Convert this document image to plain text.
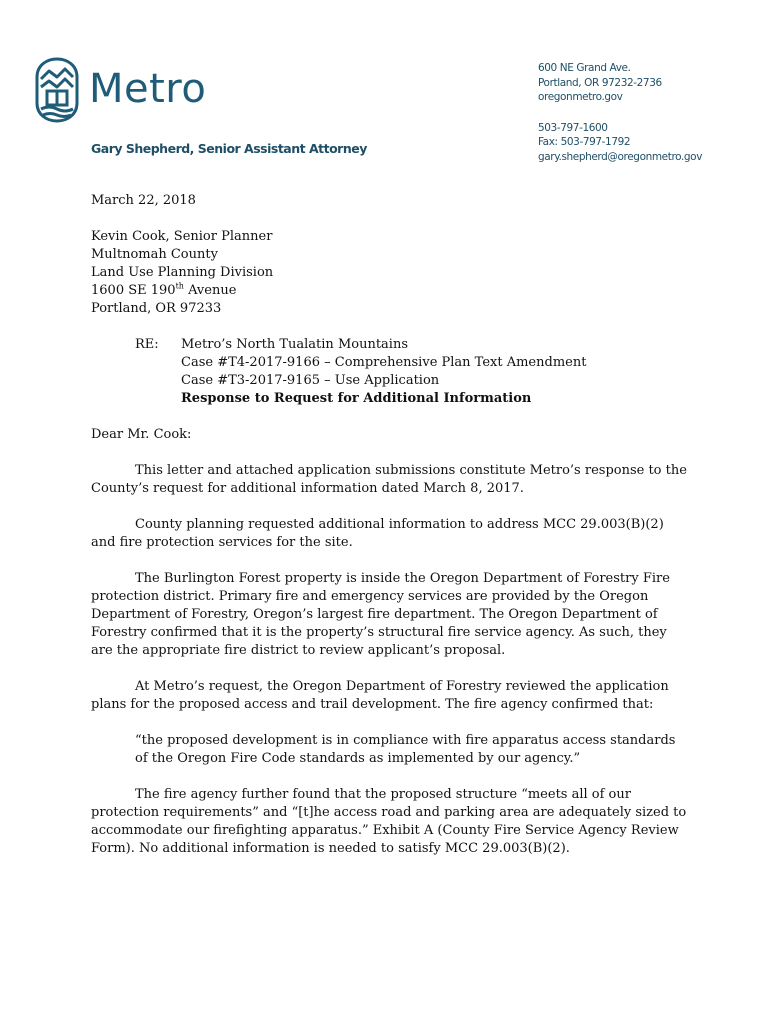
Metro
Gary Shepherd, Senior Assistant Attorney
600 NE Grand Ave.
Portland, OR 97232-2736
oregonmetro.gov
503-797-1600
Fax: 503-797-1792
gary.shepherd@oregonmetro.gov

March 22, 2018

Kevin Cook, Senior Planner
Multnomah County
Land Use Planning Division
1600 SE 190th Avenue
Portland, OR 97233
RE:	Metro’s North Tualatin Mountains
Case #T4-2017-9166 – Comprehensive Plan Text Amendment
Case #T3-2017-9165 – Use Application
Response to Request for Additional Information

Dear Mr. Cook:

This letter and attached application submissions constitute Metro’s response to the County’s request for additional information dated March 8, 2017.

County planning requested additional information to address MCC 29.003(B)(2) and fire protection services for the site.

The Burlington Forest property is inside the Oregon Department of Forestry Fire protection district. Primary fire and emergency services are provided by the Oregon Department of Forestry, Oregon’s largest fire department. The Oregon Department of Forestry confirmed that it is the property’s structural fire service agency. As such, they are the appropriate fire district to review applicant’s proposal.

At Metro’s request, the Oregon Department of Forestry reviewed the application plans for the proposed access and trail development. The fire agency confirmed that:

“the proposed development is in compliance with fire apparatus access standards of the Oregon Fire Code standards as implemented by our agency.”

The fire agency further found that the proposed structure “meets all of our protection requirements” and “[t]he access road and parking area are adequately sized to accommodate our firefighting apparatus.” Exhibit A (County Fire Service Agency Review Form). No additional information is needed to satisfy MCC 29.003(B)(2).
